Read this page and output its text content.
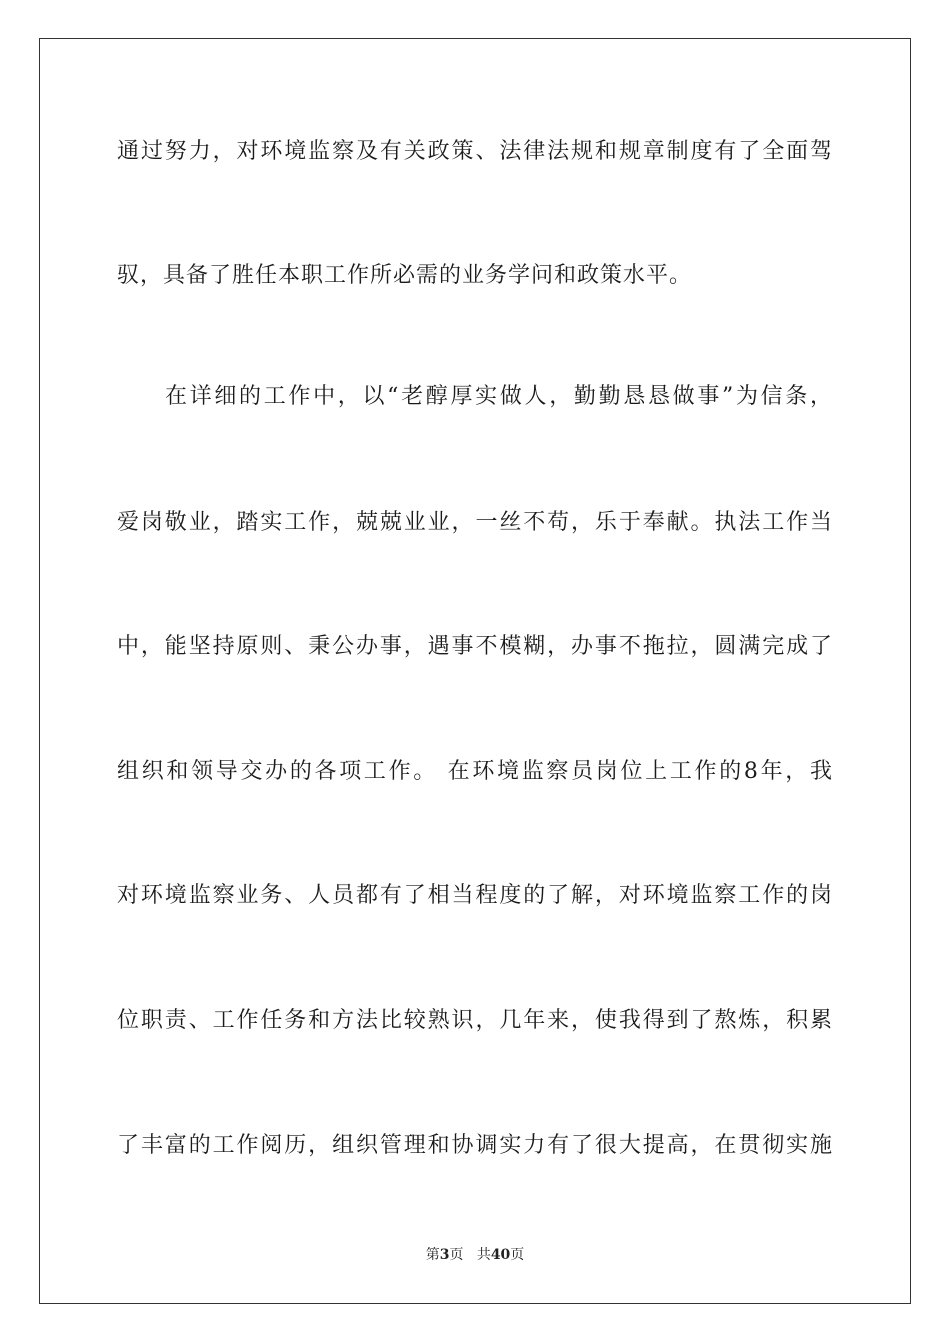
通过努力，对环境监察及有关政策、法律法规和规章制度有了全面驾
驭，具备了胜任本职工作所必需的业务学问和政策水平。
在详细的工作中，以“老醇厚实做人，勤勤恳恳做事”为信条，
爱岗敬业，踏实工作，兢兢业业，一丝不苟，乐于奉献。执法工作当
中，能坚持原则、秉公办事，遇事不模糊，办事不拖拉，圆满完成了
组织和领导交办的各项工作。 在环境监察员岗位上工作的8年，我
对环境监察业务、人员都有了相当程度的了解，对环境监察工作的岗
位职责、工作任务和方法比较熟识，几年来，使我得到了熬炼，积累
了丰富的工作阅历，组织管理和协调实力有了很大提高，在贯彻实施
第3页 共40页
